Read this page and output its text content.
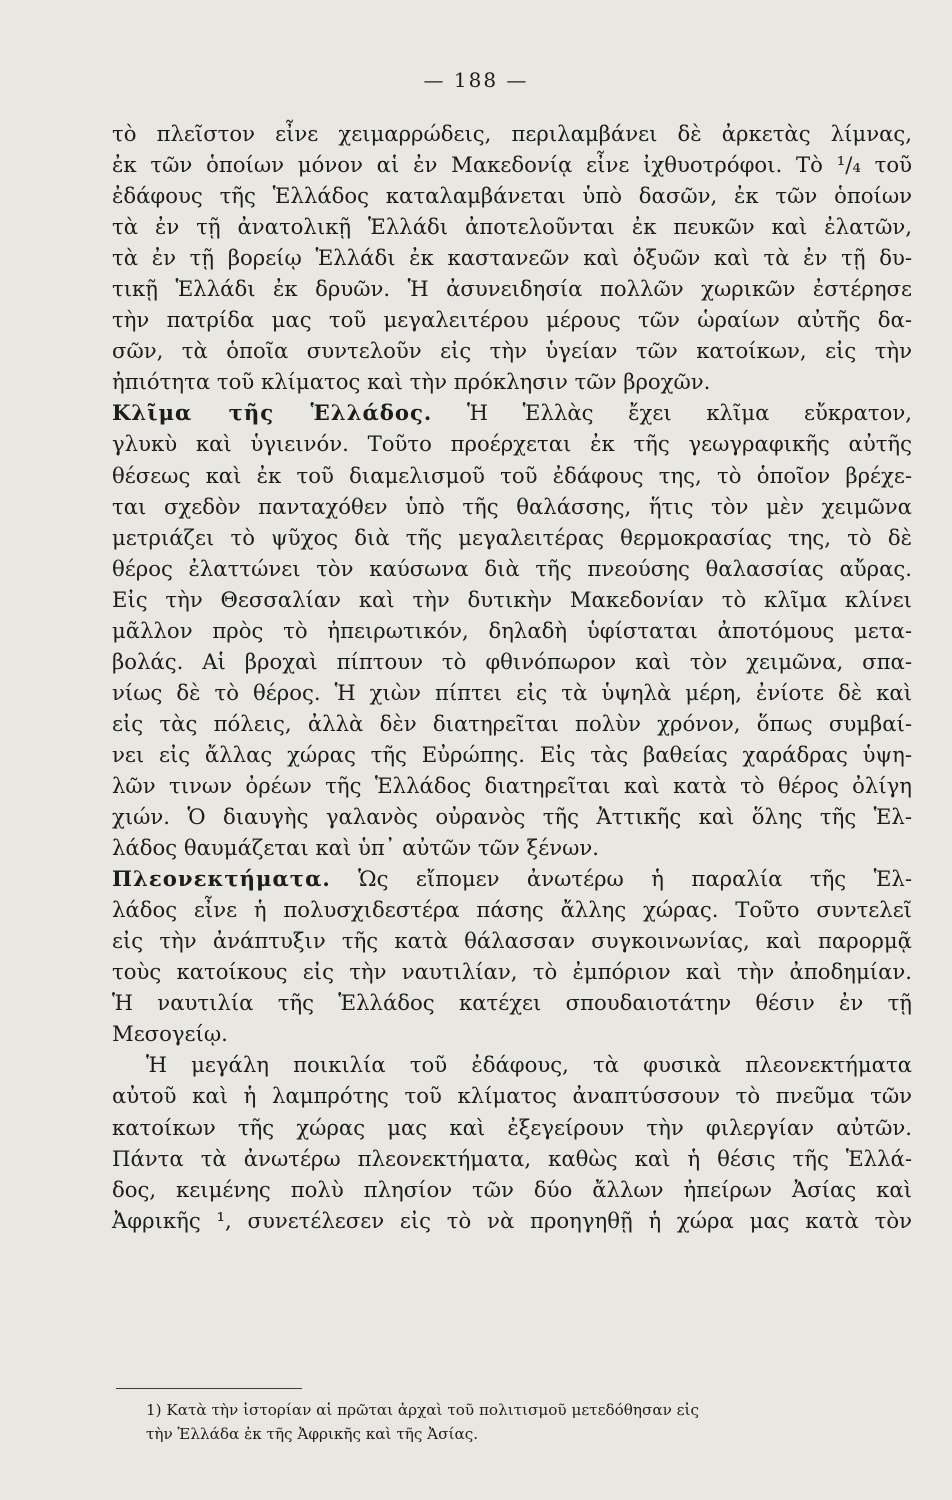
— 188 —
τὸ πλεῖστον εἶνε χειμαρρώδεις, περιλαμβάνει δὲ ἀρκετὰς λίμνας,
ἐκ τῶν ὁποίων μόνον αἱ ἐν Μακεδονίᾳ εἶνε ἰχθυοτρόφοι. Τὸ ¹/₄ τοῦ
ἐδάφους τῆς Ἑλλάδος καταλαμβάνεται ὑπὸ δασῶν, ἐκ τῶν ὁποίων
τὰ ἐν τῇ ἀνατολικῇ Ἑλλάδι ἀποτελοῦνται ἐκ πευκῶν καὶ ἐλατῶν,
τὰ ἐν τῇ βορείῳ Ἑλλάδι ἐκ καστανεῶν καὶ ὀξυῶν καὶ τὰ ἐν τῇ δυ-
τικῇ Ἑλλάδι ἐκ δρυῶν. Ἡ ἀσυνειδησία πολλῶν χωρικῶν ἐστέρησε
τὴν πατρίδα μας τοῦ μεγαλειτέρου μέρους τῶν ὡραίων αὐτῆς δα-
σῶν, τὰ ὁποῖα συντελοῦν εἰς τὴν ὑγείαν τῶν κατοίκων, εἰς τὴν
ἠπιότητα τοῦ κλίματος καὶ τὴν πρόκλησιν τῶν βροχῶν.
Κλῖμα τῆς Ἑλλάδος. Ἡ Ἑλλὰς ἔχει κλῖμα εὔκρατον,
γλυκὺ καὶ ὑγιεινόν. Τοῦτο προέρχεται ἐκ τῆς γεωγραφικῆς αὐτῆς
θέσεως καὶ ἐκ τοῦ διαμελισμοῦ τοῦ ἐδάφους της, τὸ ὁποῖον βρέχε-
ται σχεδὸν πανταχόθεν ὑπὸ τῆς θαλάσσης, ἥτις τὸν μὲν χειμῶνα
μετριάζει τὸ ψῦχος διὰ τῆς μεγαλειτέρας θερμοκρασίας της, τὸ δὲ
θέρος ἐλαττώνει τὸν καύσωνα διὰ τῆς πνεούσης θαλασσίας αὔρας.
Εἰς τὴν Θεσσαλίαν καὶ τὴν δυτικὴν Μακεδονίαν τὸ κλῖμα κλίνει
μᾶλλον πρὸς τὸ ἠπειρωτικόν, δηλαδὴ ὑφίσταται ἀποτόμους μετα-
βολάς. Αἱ βροχαὶ πίπτουν τὸ φθινόπωρον καὶ τὸν χειμῶνα, σπα-
νίως δὲ τὸ θέρος. Ἡ χιὼν πίπτει εἰς τὰ ὑψηλὰ μέρη, ἐνίοτε δὲ καὶ
εἰς τὰς πόλεις, ἀλλὰ δὲν διατηρεῖται πολὺν χρόνον, ὅπως συμβαί-
νει εἰς ἄλλας χώρας τῆς Εὐρώπης. Εἰς τὰς βαθείας χαράδρας ὑψη-
λῶν τινων ὀρέων τῆς Ἑλλάδος διατηρεῖται καὶ κατὰ τὸ θέρος ὀλίγη
χιών. Ὁ διαυγὴς γαλανὸς οὐρανὸς τῆς Ἀττικῆς καὶ ὅλης τῆς Ἑλ-
λάδος θαυμάζεται καὶ ὑπ᾽ αὐτῶν τῶν ξένων.
Πλεονεκτήματα. Ὡς εἴπομεν ἀνωτέρω ἡ παραλία τῆς Ἑλ-
λάδος εἶνε ἡ πολυσχιδεστέρα πάσης ἄλλης χώρας. Τοῦτο συντελεῖ
εἰς τὴν ἀνάπτυξιν τῆς κατὰ θάλασσαν συγκοινωνίας, καὶ παρορμᾷ
τοὺς κατοίκους εἰς τὴν ναυτιλίαν, τὸ ἐμπόριον καὶ τὴν ἀποδημίαν.
Ἡ ναυτιλία τῆς Ἑλλάδος κατέχει σπουδαιοτάτην θέσιν ἐν τῇ
Μεσογείῳ.
Ἡ μεγάλη ποικιλία τοῦ ἐδάφους, τὰ φυσικὰ πλεονεκτήματα
αὐτοῦ καὶ ἡ λαμπρότης τοῦ κλίματος ἀναπτύσσουν τὸ πνεῦμα τῶν
κατοίκων τῆς χώρας μας καὶ ἐξεγείρουν τὴν φιλεργίαν αὐτῶν.
Πάντα τὰ ἀνωτέρω πλεονεκτήματα, καθὼς καὶ ἡ θέσις τῆς Ἑλλά-
δος, κειμένης πολὺ πλησίον τῶν δύο ἄλλων ἠπείρων Ἀσίας καὶ
Ἀφρικῆς ¹, συνετέλεσεν εἰς τὸ νὰ προηγηθῇ ἡ χώρα μας κατὰ τὸν
1) Κατὰ τὴν ἱστορίαν αἱ πρῶται ἀρχαὶ τοῦ πολιτισμοῦ μετεδόθησαν εἰς
τὴν Ἑλλάδα ἐκ τῆς Ἀφρικῆς καὶ τῆς Ἀσίας.
